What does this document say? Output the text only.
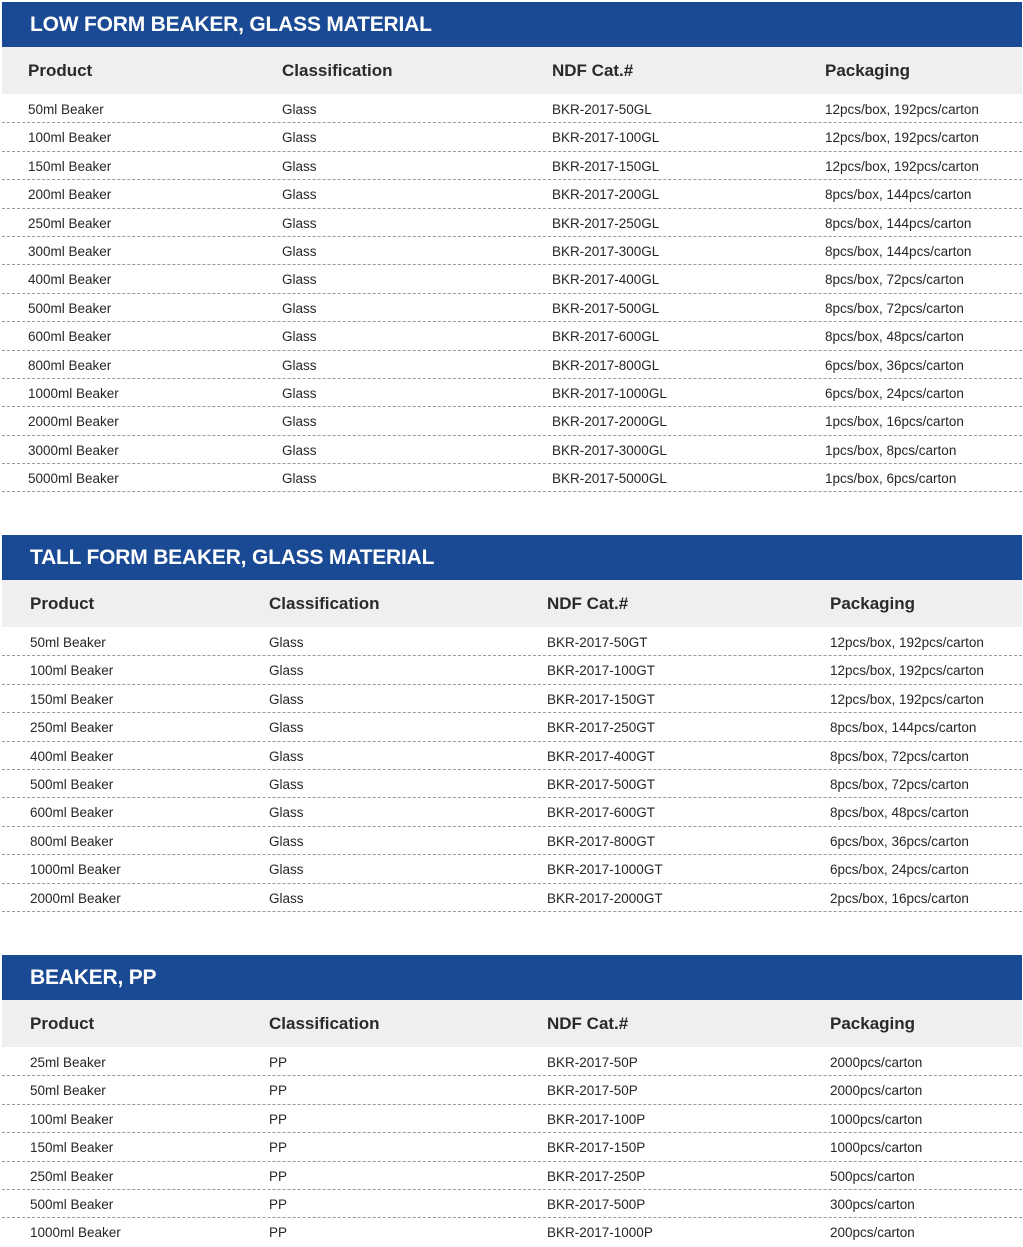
LOW FORM BEAKER, GLASS MATERIAL
Product	Classification	NDF Cat.#	Packaging
50ml Beaker	Glass	BKR-2017-50GL	12pcs/box, 192pcs/carton
100ml Beaker	Glass	BKR-2017-100GL	12pcs/box, 192pcs/carton
150ml Beaker	Glass	BKR-2017-150GL	12pcs/box, 192pcs/carton
200ml Beaker	Glass	BKR-2017-200GL	8pcs/box, 144pcs/carton
250ml Beaker	Glass	BKR-2017-250GL	8pcs/box, 144pcs/carton
300ml Beaker	Glass	BKR-2017-300GL	8pcs/box, 144pcs/carton
400ml Beaker	Glass	BKR-2017-400GL	8pcs/box, 72pcs/carton
500ml Beaker	Glass	BKR-2017-500GL	8pcs/box, 72pcs/carton
600ml Beaker	Glass	BKR-2017-600GL	8pcs/box, 48pcs/carton
800ml Beaker	Glass	BKR-2017-800GL	6pcs/box, 36pcs/carton
1000ml Beaker	Glass	BKR-2017-1000GL	6pcs/box, 24pcs/carton
2000ml Beaker	Glass	BKR-2017-2000GL	1pcs/box, 16pcs/carton
3000ml Beaker	Glass	BKR-2017-3000GL	1pcs/box, 8pcs/carton
5000ml Beaker	Glass	BKR-2017-5000GL	1pcs/box, 6pcs/carton
TALL FORM BEAKER, GLASS MATERIAL
Product	Classification	NDF Cat.#	Packaging
50ml Beaker	Glass	BKR-2017-50GT	12pcs/box, 192pcs/carton
100ml Beaker	Glass	BKR-2017-100GT	12pcs/box, 192pcs/carton
150ml Beaker	Glass	BKR-2017-150GT	12pcs/box, 192pcs/carton
250ml Beaker	Glass	BKR-2017-250GT	8pcs/box, 144pcs/carton
400ml Beaker	Glass	BKR-2017-400GT	8pcs/box, 72pcs/carton
500ml Beaker	Glass	BKR-2017-500GT	8pcs/box, 72pcs/carton
600ml Beaker	Glass	BKR-2017-600GT	8pcs/box, 48pcs/carton
800ml Beaker	Glass	BKR-2017-800GT	6pcs/box, 36pcs/carton
1000ml Beaker	Glass	BKR-2017-1000GT	6pcs/box, 24pcs/carton
2000ml Beaker	Glass	BKR-2017-2000GT	2pcs/box, 16pcs/carton
BEAKER, PP
Product	Classification	NDF Cat.#	Packaging
25ml Beaker	PP	BKR-2017-50P	2000pcs/carton
50ml Beaker	PP	BKR-2017-50P	2000pcs/carton
100ml Beaker	PP	BKR-2017-100P	1000pcs/carton
150ml Beaker	PP	BKR-2017-150P	1000pcs/carton
250ml Beaker	PP	BKR-2017-250P	500pcs/carton
500ml Beaker	PP	BKR-2017-500P	300pcs/carton
1000ml Beaker	PP	BKR-2017-1000P	200pcs/carton
